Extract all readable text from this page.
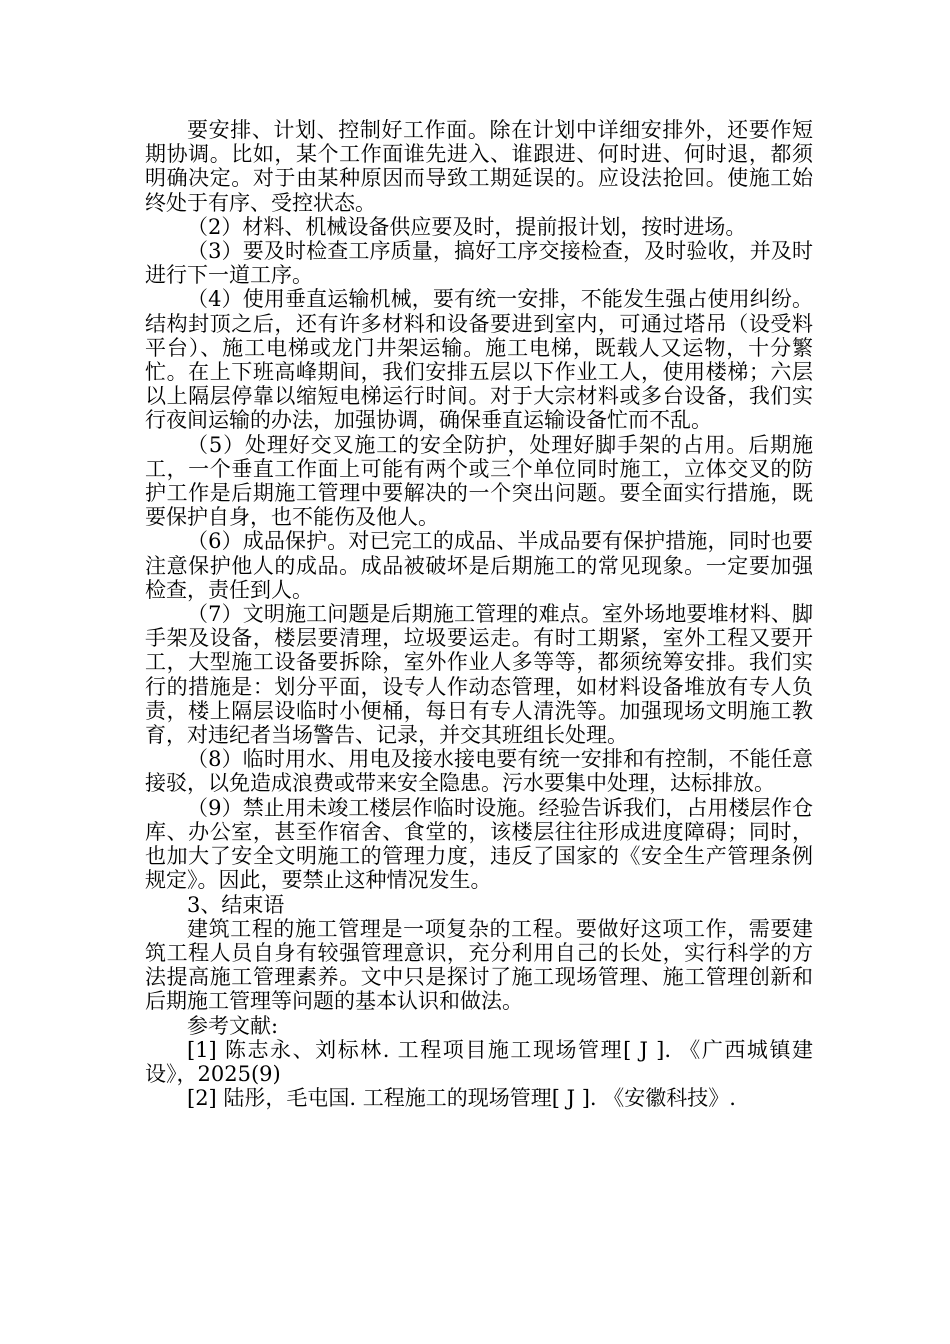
要安排、计划、控制好工作面。除在计划中详细安排外，还要作短期协调。比如，某个工作面谁先进入、谁跟进、何时进、何时退，都须明确决定。对于由某种原因而导致工期延误的。应设法抢回。使施工始终处于有序、受控状态。

（2）材料、机械设备供应要及时，提前报计划，按时进场。

（3）要及时检查工序质量，搞好工序交接检查，及时验收，并及时进行下一道工序。

（4）使用垂直运输机械，要有统一安排，不能发生强占使用纠纷。结构封顶之后，还有许多材料和设备要进到室内，可通过塔吊（设受料平台）、施工电梯或龙门井架运输。施工电梯，既载人又运物，十分繁忙。在上下班高峰期间，我们安排五层以下作业工人，使用楼梯；六层以上隔层停靠以缩短电梯运行时间。对于大宗材料或多台设备，我们实行夜间运输的办法，加强协调，确保垂直运输设备忙而不乱。

（5）处理好交叉施工的安全防护，处理好脚手架的占用。后期施工，一个垂直工作面上可能有两个或三个单位同时施工，立体交叉的防护工作是后期施工管理中要解决的一个突出问题。要全面实行措施，既要保护自身，也不能伤及他人。

（6）成品保护。对已完工的成品、半成品要有保护措施，同时也要注意保护他人的成品。成品被破坏是后期施工的常见现象。一定要加强检查，责任到人。

（7）文明施工问题是后期施工管理的难点。室外场地要堆材料、脚手架及设备，楼层要清理，垃圾要运走。有时工期紧，室外工程又要开工，大型施工设备要拆除，室外作业人多等等，都须统筹安排。我们实行的措施是：划分平面，设专人作动态管理，如材料设备堆放有专人负责，楼上隔层设临时小便桶，每日有专人清洗等。加强现场文明施工教育，对违纪者当场警告、记录，并交其班组长处理。

（8）临时用水、用电及接水接电要有统一安排和有控制，不能任意接驳，以免造成浪费或带来安全隐患。污水要集中处理，达标排放。

（9）禁止用未竣工楼层作临时设施。经验告诉我们，占用楼层作仓库、办公室，甚至作宿舍、食堂的，该楼层往往形成进度障碍；同时，也加大了安全文明施工的管理力度，违反了国家的《安全生产管理条例规定》。因此，要禁止这种情况发生。

3、结束语

建筑工程的施工管理是一项复杂的工程。要做好这项工作，需要建筑工程人员自身有较强管理意识，充分利用自己的长处，实行科学的方法提高施工管理素养。文中只是探讨了施工现场管理、施工管理创新和后期施工管理等问题的基本认识和做法。

参考文献:

[1] 陈志永、刘标林. 工程项目施工现场管理[ J ]. 《广西城镇建设》，2025(9)

[2] 陆彤，毛屯国. 工程施工的现场管理[ J ]. 《安徽科技》.
